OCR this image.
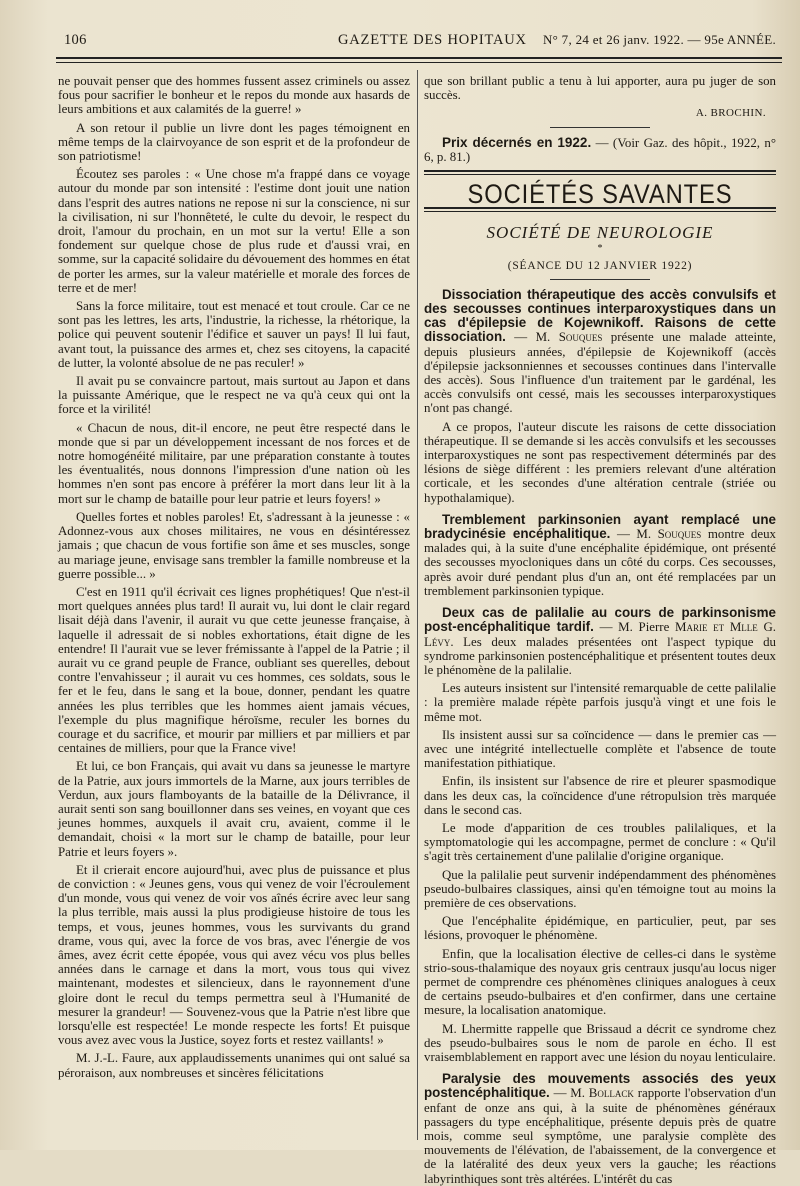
106	GAZETTE DES HOPITAUX N° 7, 24 et 26 janv. 1922. — 95e ANNÉE.

ne pouvait penser que des hommes fussent assez criminels ou assez fous pour sacrifier le bonheur et le repos du monde aux hasards de leurs ambitions et aux calamités de la guerre! »

A son retour il publie un livre dont les pages témoignent en même temps de la clairvoyance de son esprit et de la profondeur de son patriotisme!

Écoutez ses paroles : « Une chose m'a frappé dans ce voyage autour du monde par son intensité : l'estime dont jouit une nation dans l'esprit des autres nations ne repose ni sur la conscience, ni sur la civilisation, ni sur l'honnêteté, le culte du devoir, le respect du droit, l'amour du prochain, en un mot sur la vertu! Elle a son fondement sur quelque chose de plus rude et d'aussi vrai, en somme, sur la capacité solidaire du dévouement des hommes en état de porter les armes, sur la valeur matérielle et morale des forces de terre et de mer!

Sans la force militaire, tout est menacé et tout croule. Car ce ne sont pas les lettres, les arts, l'industrie, la richesse, la rhétorique, la police qui peuvent soutenir l'édifice et sauver un pays! Il lui faut, avant tout, la puissance des armes et, chez ses citoyens, la capacité de lutter, la volonté absolue de ne pas reculer! »

Il avait pu se convaincre partout, mais surtout au Japon et dans la puissante Amérique, que le respect ne va qu'à ceux qui ont la force et la virilité!

« Chacun de nous, dit-il encore, ne peut être respecté dans le monde que si par un développement incessant de nos forces et de notre homogénéité militaire, par une préparation constante à toutes les éventualités, nous donnons l'impression d'une nation où les hommes n'en sont pas encore à préférer la mort dans leur lit à la mort sur le champ de bataille pour leur patrie et leurs foyers! »

Quelles fortes et nobles paroles! Et, s'adressant à la jeunesse : « Adonnez-vous aux choses militaires, ne vous en désintéressez jamais ; que chacun de vous fortifie son âme et ses muscles, songe au mariage jeune, envisage sans trembler la famille nombreuse et la guerre possible... »

C'est en 1911 qu'il écrivait ces lignes prophétiques! Que n'est-il mort quelques années plus tard! Il aurait vu, lui dont le clair regard lisait déjà dans l'avenir, il aurait vu que cette jeunesse française, à laquelle il adressait de si nobles exhortations, était digne de les entendre! Il l'aurait vue se lever frémissante à l'appel de la Patrie ; il aurait vu ce grand peuple de France, oubliant ses querelles, debout contre l'envahisseur ; il aurait vu ces hommes, ces soldats, sous le fer et le feu, dans le sang et la boue, donner, pendant les quatre années les plus terribles que les hommes aient jamais vécues, l'exemple du plus magnifique héroïsme, reculer les bornes du courage et du sacrifice, et mourir par milliers et par milliers et par centaines de milliers, pour que la France vive!

Et lui, ce bon Français, qui avait vu dans sa jeunesse le martyre de la Patrie, aux jours immortels de la Marne, aux jours terribles de Verdun, aux jours flamboyants de la bataille de la Délivrance, il aurait senti son sang bouillonner dans ses veines, en voyant que ces jeunes hommes, auxquels il avait cru, avaient, comme il le demandait, choisi « la mort sur le champ de bataille, pour leur Patrie et leurs foyers ».

Et il crierait encore aujourd'hui, avec plus de puissance et plus de conviction : « Jeunes gens, vous qui venez de voir l'écroulement d'un monde, vous qui venez de voir vos aînés écrire avec leur sang la plus terrible, mais aussi la plus prodigieuse histoire de tous les temps, et vous, jeunes hommes, vous les survivants du grand drame, vous qui, avec la force de vos bras, avec l'énergie de vos âmes, avez écrit cette épopée, vous qui avez vécu vos plus belles années dans le carnage et dans la mort, vous tous qui vivez maintenant, modestes et silencieux, dans le rayonnement d'une gloire dont le recul du temps permettra seul à l'Humanité de mesurer la grandeur! — Souvenez-vous que la Patrie n'est libre que lorsqu'elle est respectée! Le monde respecte les forts! Et puisque vous avez avec vous la Justice, soyez forts et restez vaillants! »

M. J.-L. Faure, aux applaudissements unanimes qui ont salué sa péroraison, aux nombreuses et sincères félicitations

que son brillant public a tenu à lui apporter, aura pu juger de son succès.

A. BROCHIN.

Prix décernés en 1922. — (Voir Gaz. des hôpit., 1922, n° 6, p. 81.)

SOCIÉTÉS SAVANTES
SOCIÉTÉ DE NEUROLOGIE
*
(SÉANCE DU 12 JANVIER 1922)

Dissociation thérapeutique des accès convulsifs et des secousses continues interparoxystiques dans un cas d'épilepsie de Kojewnikoff. Raisons de cette dissociation. — M. Souques présente une malade atteinte, depuis plusieurs années, d'épilepsie de Kojewnikoff (accès d'épilepsie jacksonniennes et secousses continues dans l'intervalle des accès). Sous l'influence d'un traitement par le gardénal, les accès convulsifs ont cessé, mais les secousses interparoxystiques n'ont pas changé.

A ce propos, l'auteur discute les raisons de cette dissociation thérapeutique. Il se demande si les accès convulsifs et les secousses interparoxystiques ne sont pas respectivement déterminés par des lésions de siège différent : les premiers relevant d'une altération corticale, et les secondes d'une altération centrale (striée ou hypothalamique).

Tremblement parkinsonien ayant remplacé une bradycinésie encéphalitique. — M. Souques montre deux malades qui, à la suite d'une encéphalite épidémique, ont présenté des secousses myocloniques dans un côté du corps. Ces secousses, après avoir duré pendant plus d'un an, ont été remplacées par un tremblement parkinsonien typique.

Deux cas de palilalie au cours de parkinsonisme post-encéphalitique tardif. — M. Pierre Marie et Mlle G. Lévy. Les deux malades présentées ont l'aspect typique du syndrome parkinsonien postencéphalitique et présentent toutes deux le phénomène de la palilalie.

Les auteurs insistent sur l'intensité remarquable de cette palilalie : la première malade répète parfois jusqu'à vingt et une fois le même mot.

Ils insistent aussi sur sa coïncidence — dans le premier cas — avec une intégrité intellectuelle complète et l'absence de toute manifestation pithiatique.

Enfin, ils insistent sur l'absence de rire et pleurer spasmodique dans les deux cas, la coïncidence d'une rétropulsion très marquée dans le second cas.

Le mode d'apparition de ces troubles palilaliques, et la symptomatologie qui les accompagne, permet de conclure : « Qu'il s'agit très certainement d'une palilalie d'origine organique.

Que la palilalie peut survenir indépendamment des phénomènes pseudo-bulbaires classiques, ainsi qu'en témoigne tout au moins la première de ces observations.

Que l'encéphalite épidémique, en particulier, peut, par ses lésions, provoquer le phénomène.

Enfin, que la localisation élective de celles-ci dans le système strio-sous-thalamique des noyaux gris centraux jusqu'au locus niger permet de comprendre ces phénomènes cliniques analogues à ceux de certains pseudo-bulbaires et d'en confirmer, dans une certaine mesure, la localisation anatomique.

M. Lhermitte rappelle que Brissaud a décrit ce syndrome chez des pseudo-bulbaires sous le nom de parole en écho. Il est vraisemblablement en rapport avec une lésion du noyau lenticulaire.

Paralysie des mouvements associés des yeux postencéphalitique. — M. Bollack rapporte l'observation d'un enfant de onze ans qui, à la suite de phénomènes généraux passagers du type encéphalitique, présente depuis près de quatre mois, comme seul symptôme, une paralysie complète des mouvements de l'élévation, de l'abaissement, de la convergence et de la latéralité des deux yeux vers la gauche; les réactions labyrinthiques sont très altérées. L'intérêt du cas
